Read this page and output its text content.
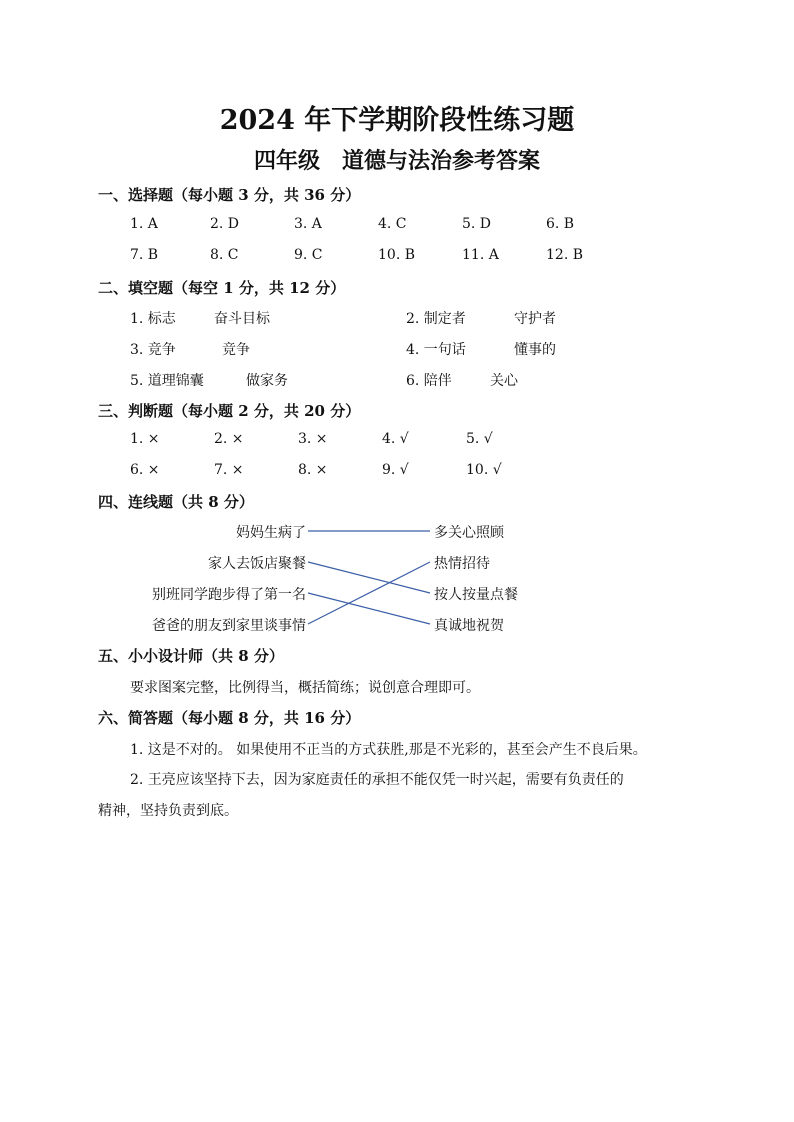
2024 年下学期阶段性练习题
四年级　道德与法治参考答案
一、选择题（每小题 3 分，共 36 分）
1. A	2. D	3. A	4. C	5. D	6. B
7. B	8. C	9. C	10. B	11. A	12. B
二、填空题（每空 1 分，共 12 分）
1. 标志	奋斗目标	2. 制定者	守护者
3. 竞争	竞争	4. 一句话	懂事的
5. 道理锦囊	做家务	6. 陪伴	关心
三、判断题（每小题 2 分，共 20 分）
1. ×	2. ×	3. ×	4. √	5. √
6. ×	7. ×	8. ×	9. √	10. √
四、连线题（共 8 分）
妈妈生病了
家人去饭店聚餐
别班同学跑步得了第一名
爸爸的朋友到家里谈事情
多关心照顾
热情招待
按人按量点餐
真诚地祝贺
五、小小设计师（共 8 分）
要求图案完整，比例得当，概括简练；说创意合理即可。
六、简答题（每小题 8 分，共 16 分）
1. 这是不对的。 如果使用不正当的方式获胜,那是不光彩的，甚至会产生不良后果。
2. 王亮应该坚持下去，因为家庭责任的承担不能仅凭一时兴起，需要有负责任的
精神，坚持负责到底。
